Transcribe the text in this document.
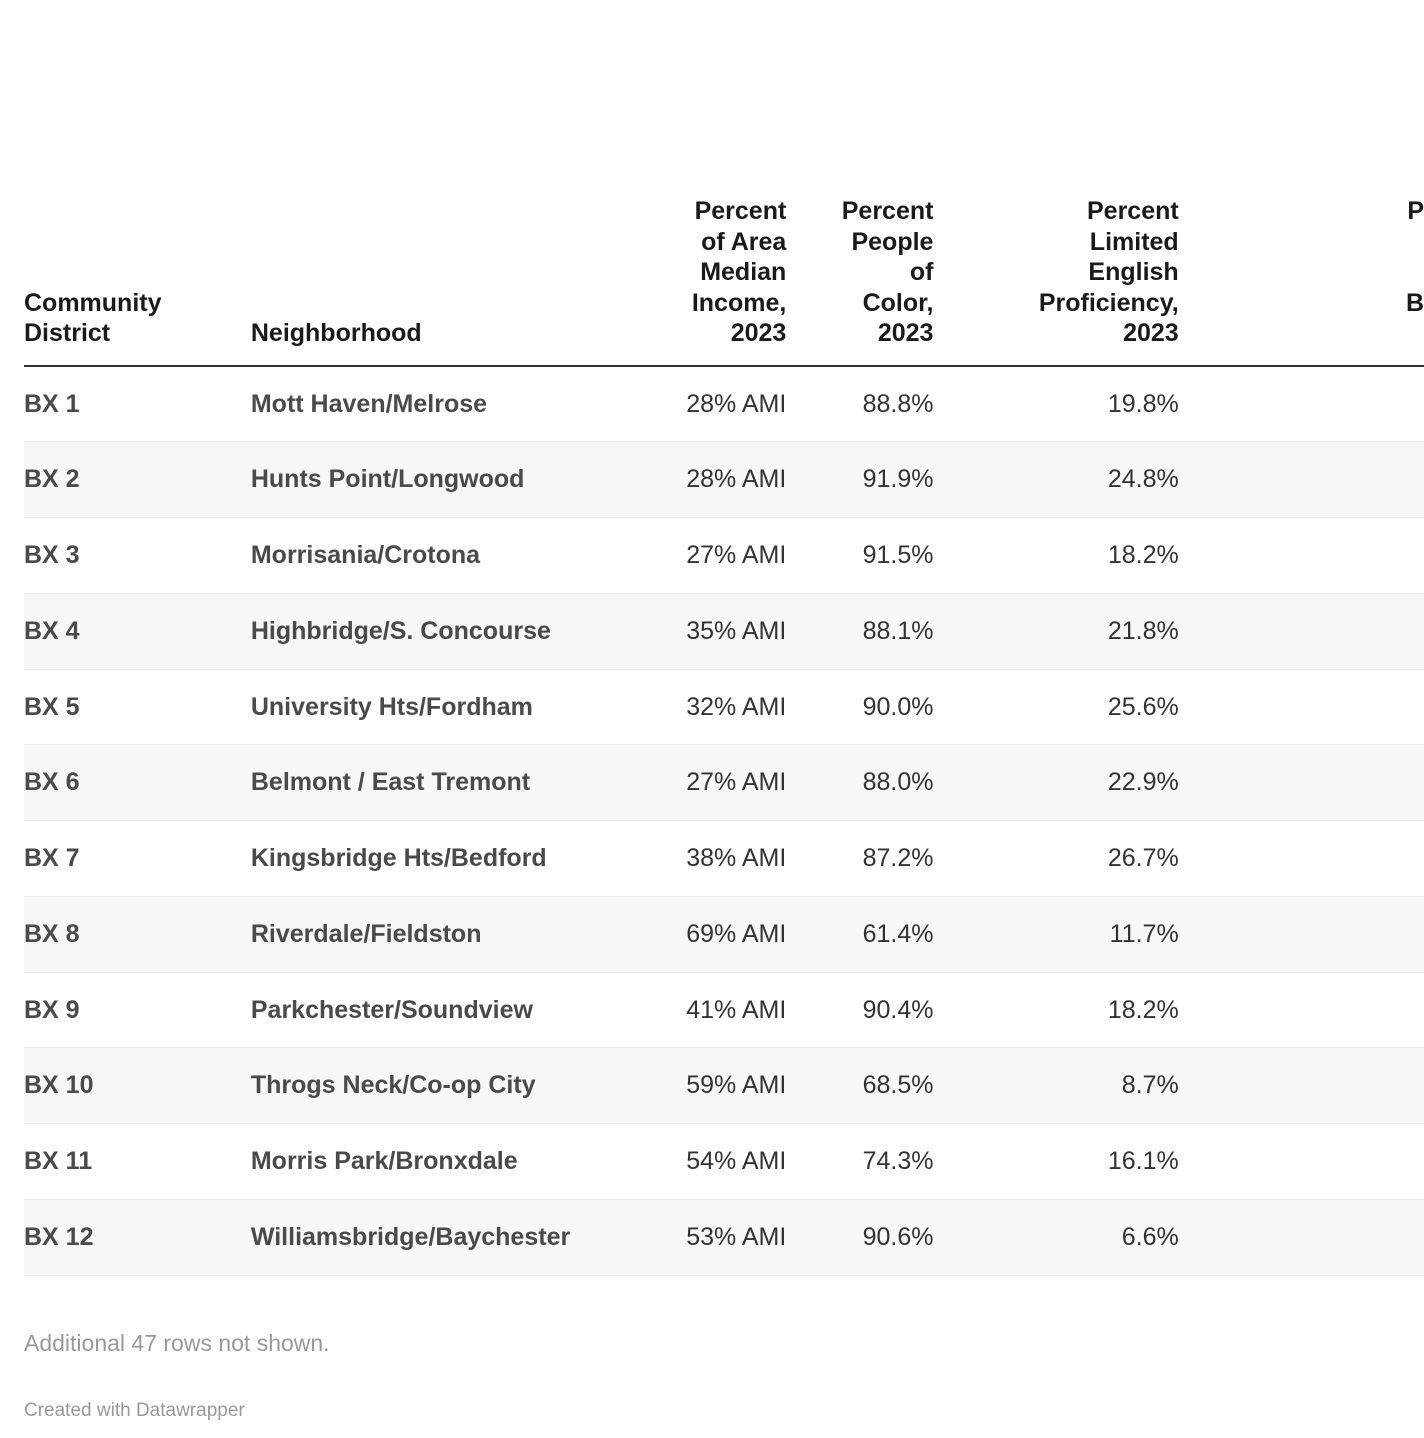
Community
District	Neighborhood	Percent
of Area
Median
Income,
2023	Percent
People
of
Color,
2023	Percent
Limited
English
Proficiency,
2023	P

B

BX 1	Mott Haven/Melrose	28% AMI	88.8%	19.8%	
BX 2	Hunts Point/Longwood	28% AMI	91.9%	24.8%	
BX 3	Morrisania/Crotona	27% AMI	91.5%	18.2%	
BX 4	Highbridge/S. Concourse	35% AMI	88.1%	21.8%	
BX 5	University Hts/Fordham	32% AMI	90.0%	25.6%	
BX 6	Belmont / East Tremont	27% AMI	88.0%	22.9%	
BX 7	Kingsbridge Hts/Bedford	38% AMI	87.2%	26.7%	
BX 8	Riverdale/Fieldston	69% AMI	61.4%	11.7%	
BX 9	Parkchester/Soundview	41% AMI	90.4%	18.2%	
BX 10	Throgs Neck/Co-op City	59% AMI	68.5%	8.7%	
BX 11	Morris Park/Bronxdale	54% AMI	74.3%	16.1%	
BX 12	Williamsbridge/Baychester	53% AMI	90.6%	6.6%	
Additional 47 rows not shown.
Created with Datawrapper
